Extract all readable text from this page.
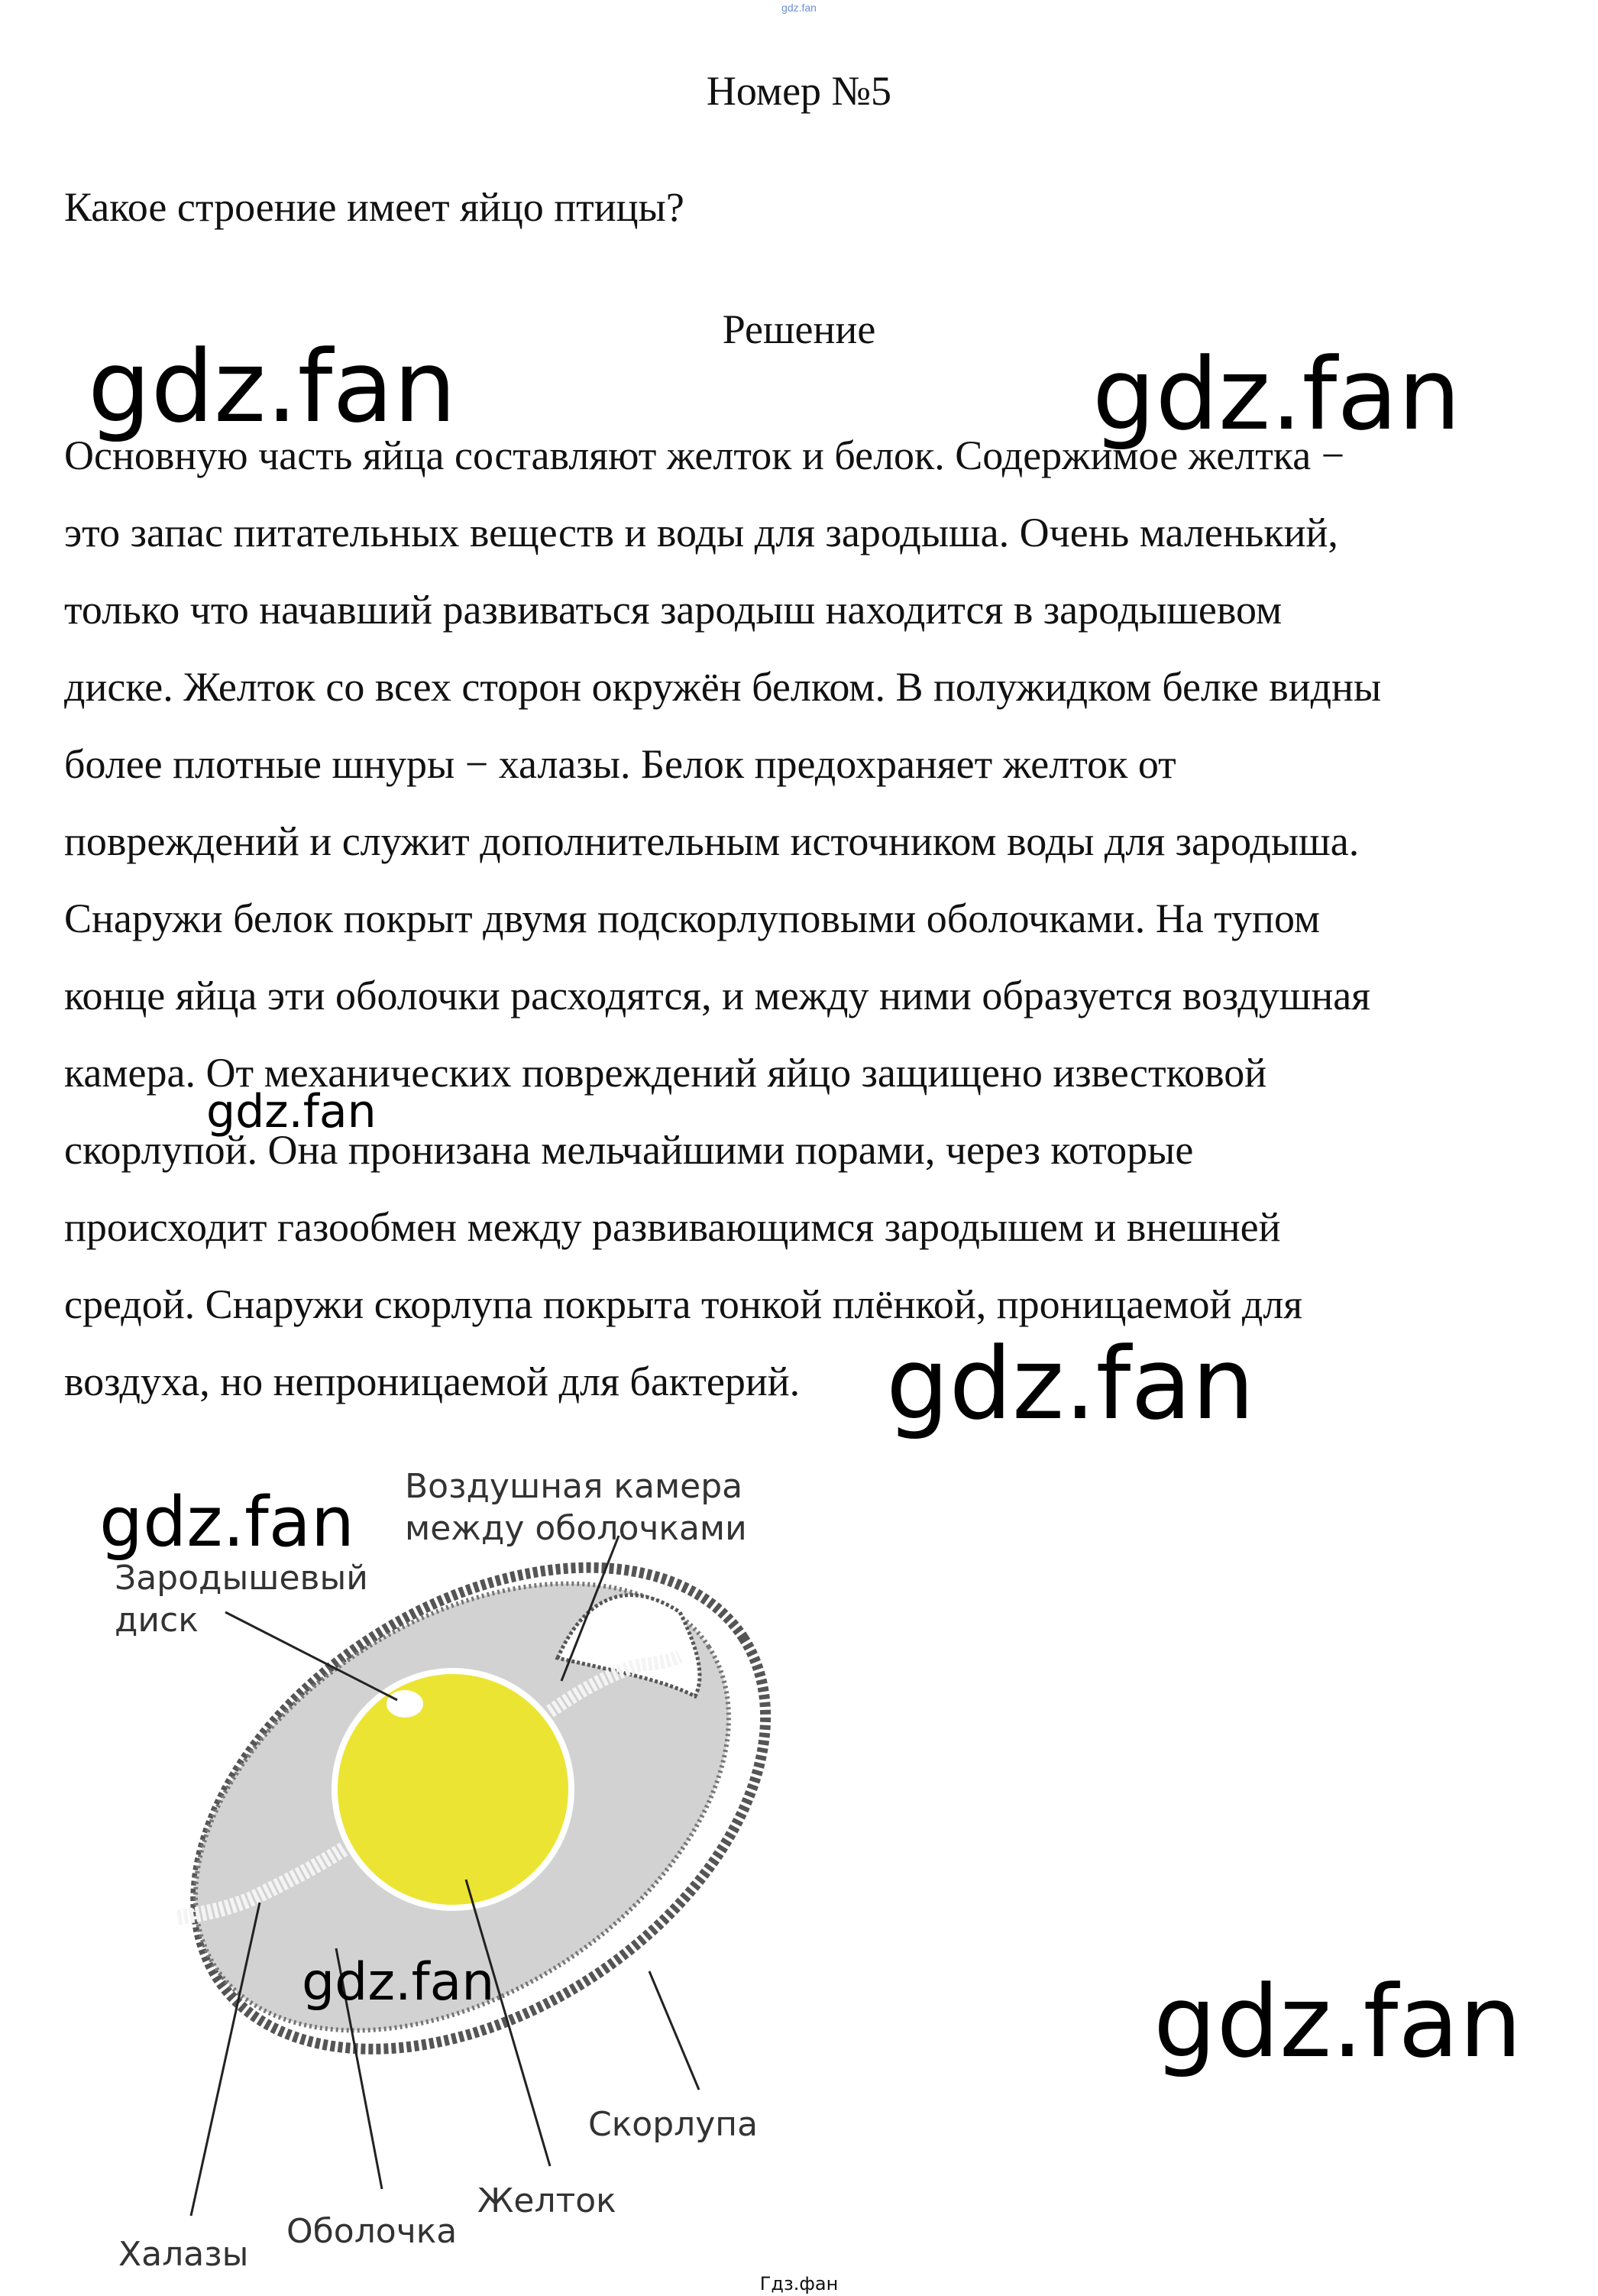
gdz.fan
Номер №5
Какое строение имеет яйцо птицы?
Решение
Основную часть яйца составляют желток и белок. Содержимое желтка −
это запас питательных веществ и воды для зародыша. Очень маленький,
только что начавший развиваться зародыш находится в зародышевом
диске. Желток со всех сторон окружён белком. В полужидком белке видны
более плотные шнуры − халазы. Белок предохраняет желток от
повреждений и служит дополнительным источником воды для зародыша.
Снаружи белок покрыт двумя подскорлуповыми оболочками. На тупом
конце яйца эти оболочки расходятся, и между ними образуется воздушная
камера. От механических повреждений яйцо защищено известковой
скорлупой. Она пронизана мельчайшими порами, через которые
происходит газообмен между развивающимся зародышем и внешней
средой. Снаружи скорлупа покрыта тонкой плёнкой, проницаемой для
воздуха, но непроницаемой для бактерий.
Воздушная камера
между оболочками
Зародышевый
диск
Скорлупа
Желток
Оболочка
Халазы
gdz.fan	gdz.fan
gdz.fan
gdz.fan
gdz.fan
gdz.fan	gdz.fan
Гдз.фан
